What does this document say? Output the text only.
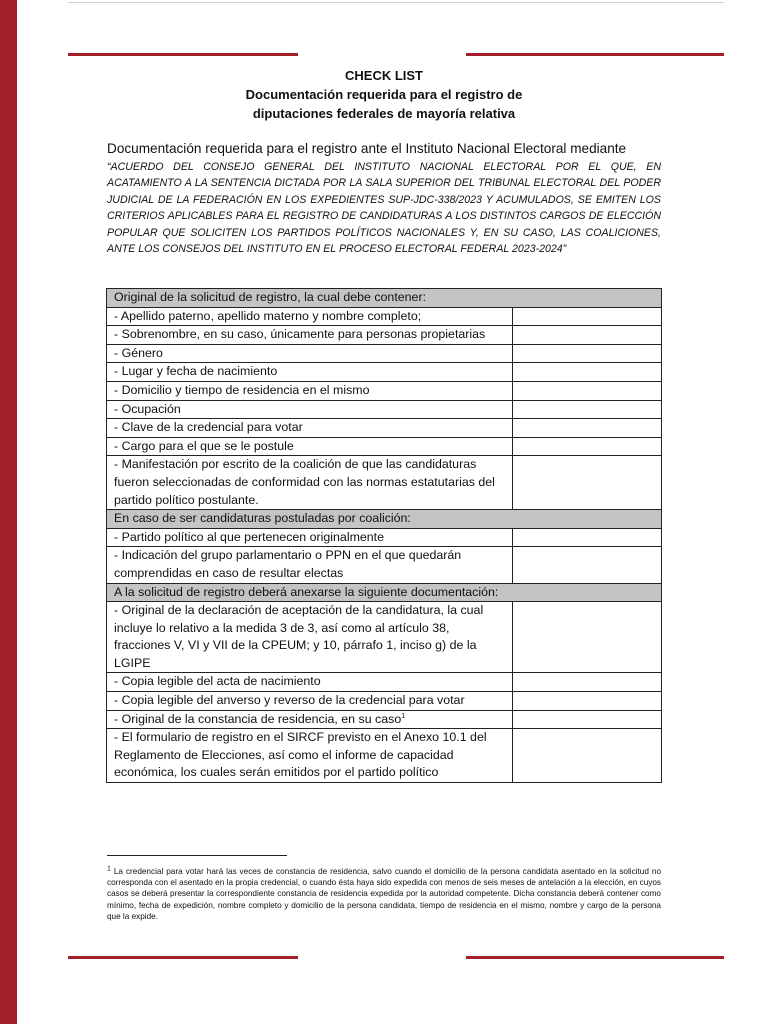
CHECK LIST
Documentación requerida para el registro de
diputaciones federales de mayoría relativa
Documentación requerida para el registro ante el Instituto Nacional Electoral mediante
“ACUERDO DEL CONSEJO GENERAL DEL INSTITUTO NACIONAL ELECTORAL POR EL QUE, EN ACATAMIENTO A LA SENTENCIA DICTADA POR LA SALA SUPERIOR DEL TRIBUNAL ELECTORAL DEL PODER JUDICIAL DE LA FEDERACIÓN EN LOS EXPEDIENTES SUP-JDC-338/2023 Y ACUMULADOS, SE EMITEN LOS CRITERIOS APLICABLES PARA EL REGISTRO DE CANDIDATURAS A LOS DISTINTOS CARGOS DE ELECCIÓN POPULAR QUE SOLICITEN LOS PARTIDOS POLÍTICOS NACIONALES Y, EN SU CASO, LAS COALICIONES, ANTE LOS CONSEJOS DEL INSTITUTO EN EL PROCESO ELECTORAL FEDERAL 2023-2024”
Original de la solicitud de registro, la cual debe contener:	
- Apellido paterno, apellido materno y nombre completo;	
- Sobrenombre, en su caso, únicamente para personas propietarias	
- Género	
- Lugar y fecha de nacimiento	
- Domicilio y tiempo de residencia en el mismo	
- Ocupación	
- Clave de la credencial para votar	
- Cargo para el que se le postule	
- Manifestación por escrito de la coalición de que las candidaturas fueron seleccionadas de conformidad con las normas estatutarias del partido político postulante.	
En caso de ser candidaturas postuladas por coalición:	
- Partido político al que pertenecen originalmente	
- Indicación del grupo parlamentario o PPN en el que quedarán comprendidas en caso de resultar electas	
A la solicitud de registro deberá anexarse la siguiente documentación:	
- Original de la declaración de aceptación de la candidatura, la cual incluye lo relativo a la medida 3 de 3, así como al artículo 38, fracciones V, VI y VII de la CPEUM; y 10, párrafo 1, inciso g) de la LGIPE	
- Copia legible del acta de nacimiento	
- Copia legible del anverso y reverso de la credencial para votar	
- Original de la constancia de residencia, en su caso$^1$	
- El formulario de registro en el SIRCF previsto en el Anexo 10.1 del Reglamento de Elecciones, así como el informe de capacidad económica, los cuales serán emitidos por el partido político	
$^1$ La credencial para votar hará las veces de constancia de residencia, salvo cuando el domicilio de la persona candidata asentado en la solicitud no corresponda con el asentado en la propia credencial, o cuando ésta haya sido expedida con menos de seis meses de antelación a la elección, en cuyos casos se deberá presentar la correspondiente constancia de residencia expedida por la autoridad competente. Dicha constancia deberá contener como mínimo, fecha de expedición, nombre completo y domicilio de la persona candidata, tiempo de residencia en el mismo, nombre y cargo de la persona que la expide.
